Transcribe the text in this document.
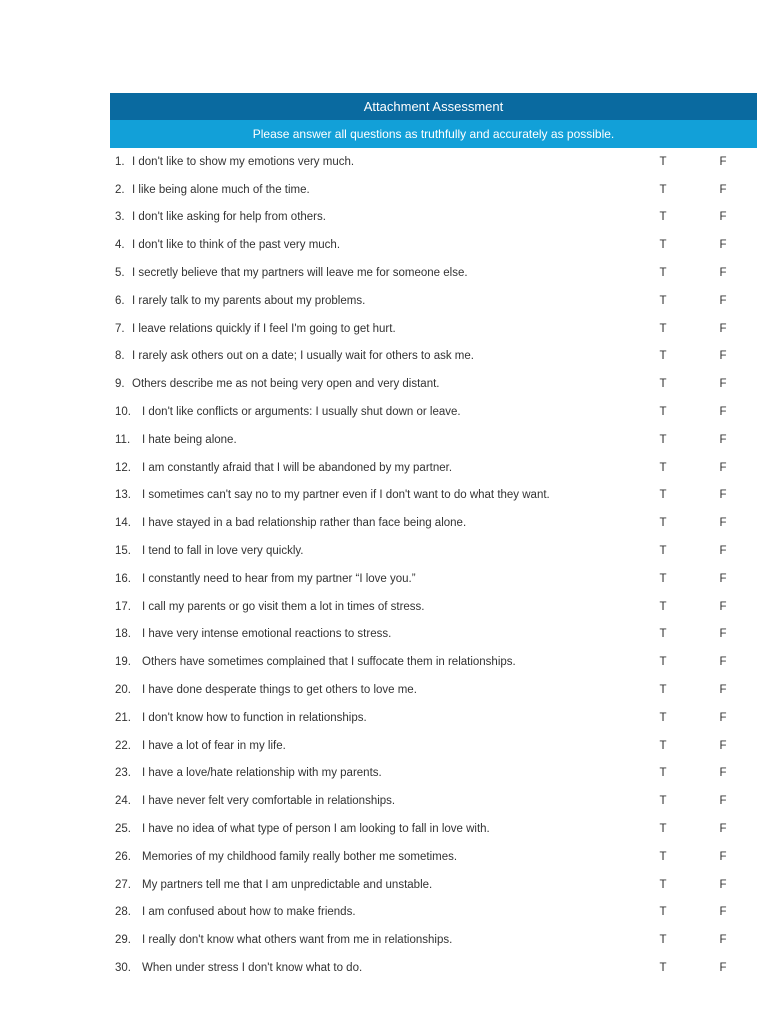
Attachment Assessment
Please answer all questions as truthfully and accurately as possible.
1. I don't like to show my emotions very much.	T	F
2. I like being alone much of the time.	T	F
3. I don't like asking for help from others.	T	F
4. I don't like to think of the past very much.	T	F
5. I secretly believe that my partners will leave me for someone else.	T	F
6. I rarely talk to my parents about my problems.	T	F
7. I leave relations quickly if I feel I'm going to get hurt.	T	F
8. I rarely ask others out on a date; I usually wait for others to ask me.	T	F
9. Others describe me as not being very open and very distant.	T	F
10. I don't like conflicts or arguments: I usually shut down or leave.	T	F
11. I hate being alone.	T	F
12. I am constantly afraid that I will be abandoned by my partner.	T	F
13. I sometimes can't say no to my partner even if I don't want to do what they want.	T	F
14. I have stayed in a bad relationship rather than face being alone.	T	F
15. I tend to fall in love very quickly.	T	F
16. I constantly need to hear from my partner “I love you.”	T	F
17. I call my parents or go visit them a lot in times of stress.	T	F
18. I have very intense emotional reactions to stress.	T	F
19. Others have sometimes complained that I suffocate them in relationships.	T	F
20. I have done desperate things to get others to love me.	T	F
21. I don't know how to function in relationships.	T	F
22. I have a lot of fear in my life.	T	F
23. I have a love/hate relationship with my parents.	T	F
24. I have never felt very comfortable in relationships.	T	F
25. I have no idea of what type of person I am looking to fall in love with.	T	F
26. Memories of my childhood family really bother me sometimes.	T	F
27. My partners tell me that I am unpredictable and unstable.	T	F
28. I am confused about how to make friends.	T	F
29. I really don't know what others want from me in relationships.	T	F
30. When under stress I don't know what to do.	T	F
